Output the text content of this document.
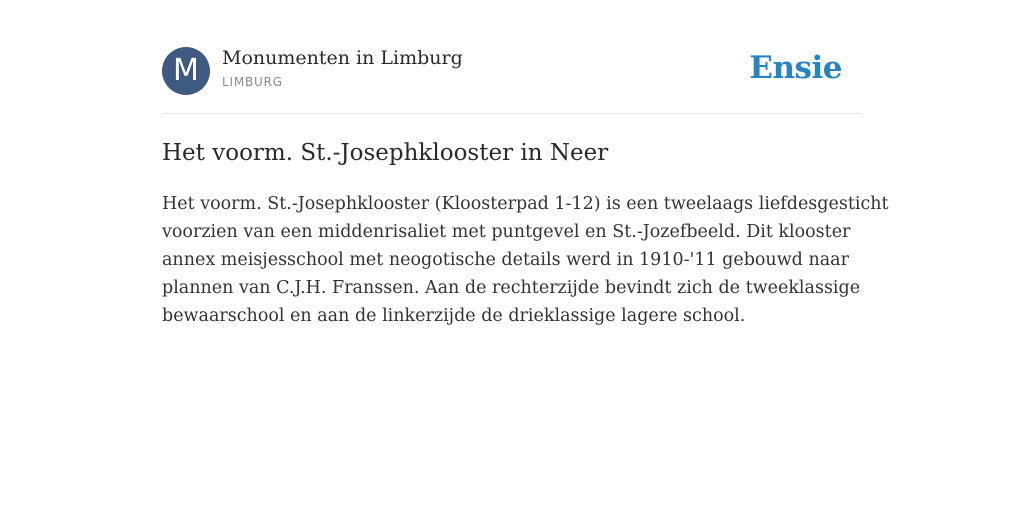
M	Monumenten in Limburg
LIMBURG	Ensie
Het voorm. St.-Josephklooster in Neer

Het voorm. St.-Josephklooster (Kloosterpad 1-12) is een tweelaags liefdesgesticht
voorzien van een middenrisaliet met puntgevel en St.-Jozefbeeld. Dit klooster
annex meisjesschool met neogotische details werd in 1910-'11 gebouwd naar
plannen van C.J.H. Franssen. Aan de rechterzijde bevindt zich de tweeklassige
bewaarschool en aan de linkerzijde de drieklassige lagere school.
